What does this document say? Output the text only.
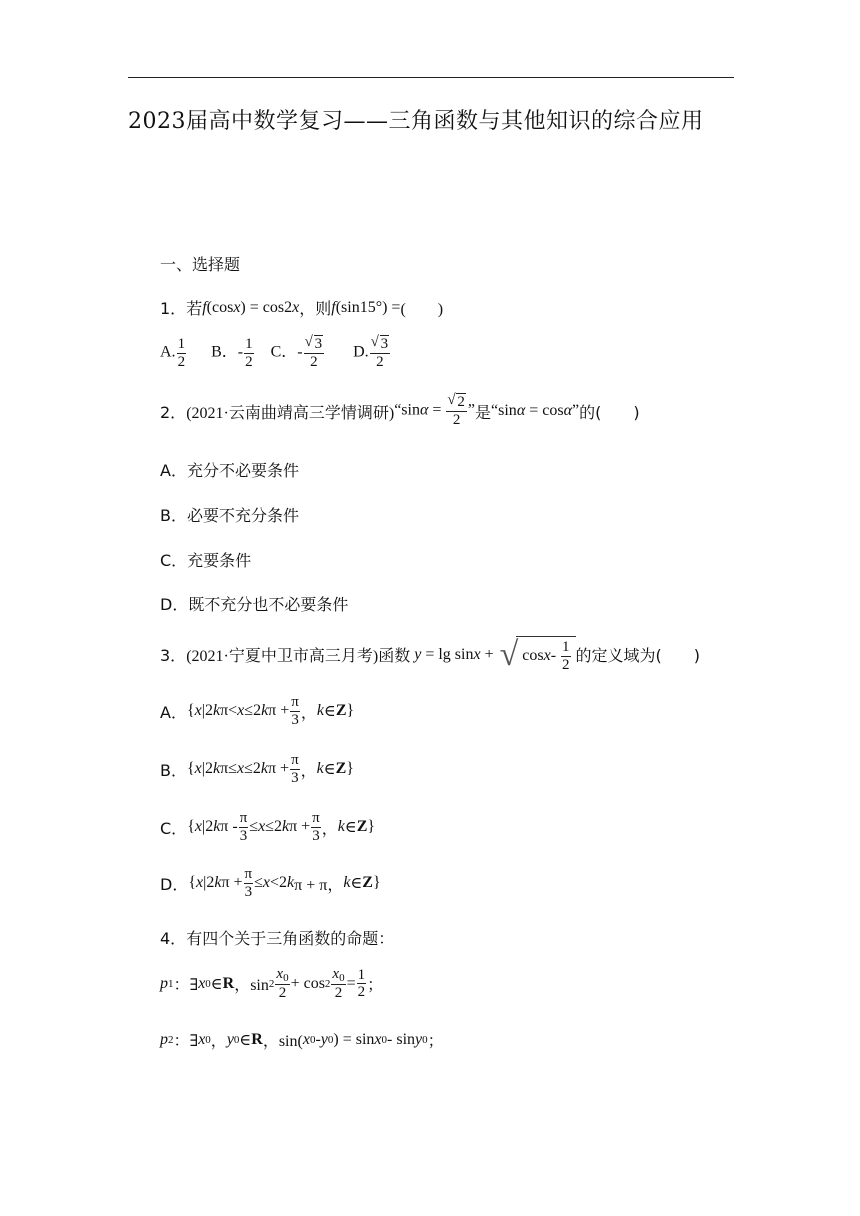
2023届高中数学复习——三角函数与其他知识的综合应用
一、选择题
1． 若 f(cosx) = cos2x ，则 f(sin15°) = (　　)
A. $\frac{1}{2}$ B．- $\frac{1}{2}$ C．- √ $\frac{3}{2} D$. √ $\frac{3}{2}$
2． (2021·云南曲靖高三学情调研) “sinα = √ $\frac{2}{2}$ ” 是 “sinα = cosα” 的(　　)
A．充分不必要条件
B．必要不充分条件
C．充要条件
D．既不充分也不必要条件
3． (2021·宁夏中卫市高三月考) 函数 y = lg sinx + √ cos x - $\frac{1}{2}$ 的定义域为(　　)
A． { x |2 k π< x ≤2 k $\pi + \frac{\pi}{3}$ ， k ∈ Z }
B． { x |2 k π≤ x ≤2 k $\pi + \frac{\pi}{3}$ ， k ∈ Z }
C． { x |2 k $\pi - \frac{\pi}{3} \le x \le 2$ k $\pi + \frac{\pi}{3}$ ， k ∈ Z }
D． { x |2 k $\pi + \frac{\pi}{3} \le x <2$ k π + π， k ∈ Z }
4． 有四个关于三角函数的命题：
p 1 ：∃ x 0 ∈ R ，$\sin 2 \frac{x_0}{2} + \cos 2 \frac{x_0}{2} = \frac{1}{2}$ ；
p 2 ：∃ x 0 ， y 0 ∈ R ，sin( x 0 - y 0 ) = sin x 0 - sin y 0 ；
